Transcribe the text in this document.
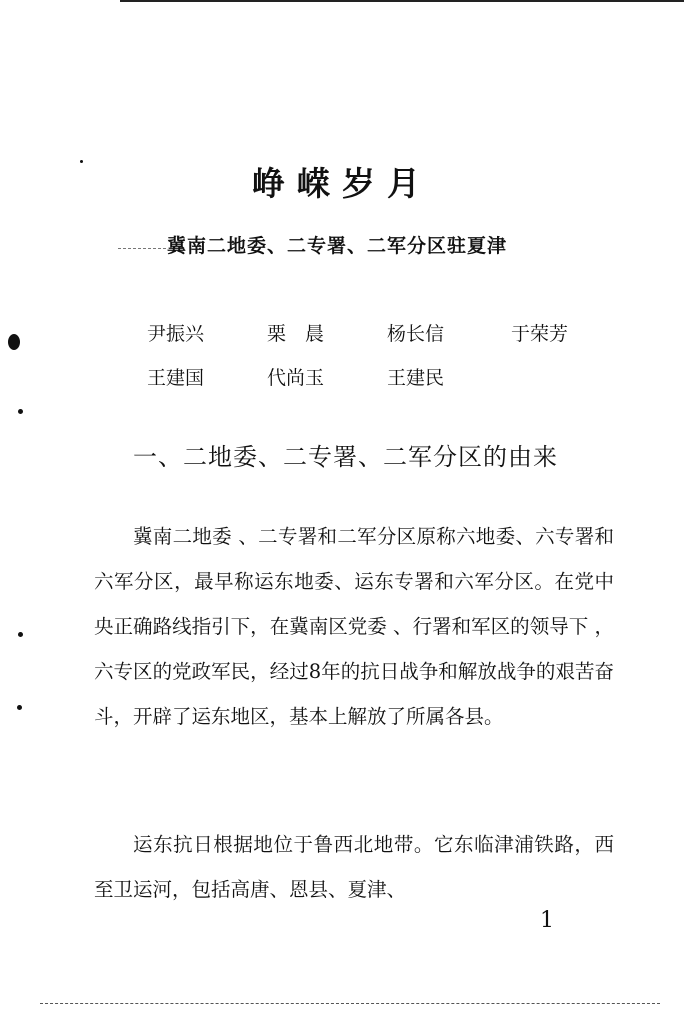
峥嵘岁月
冀南二地委、二专署、二军分区驻夏津
尹振兴	栗　晨	杨长信	于荣芳
王建国	代尚玉	王建民
一、二地委、二专署、二军分区的由来

冀南二地委 、二专署和二军分区原称六地委、六专署和六军分区，最早称运东地委、运东专署和六军分区。在党中央正确路线指引下，在冀南区党委 、行署和军区的领导下 ，六专区的党政军民，经过8年的抗日战争和解放战争的艰苦奋斗，开辟了运东地区，基本上解放了所属各县。

运东抗日根据地位于鲁西北地带。它东临津浦铁路，西至卫运河，包括高唐、恩县、夏津、

1
